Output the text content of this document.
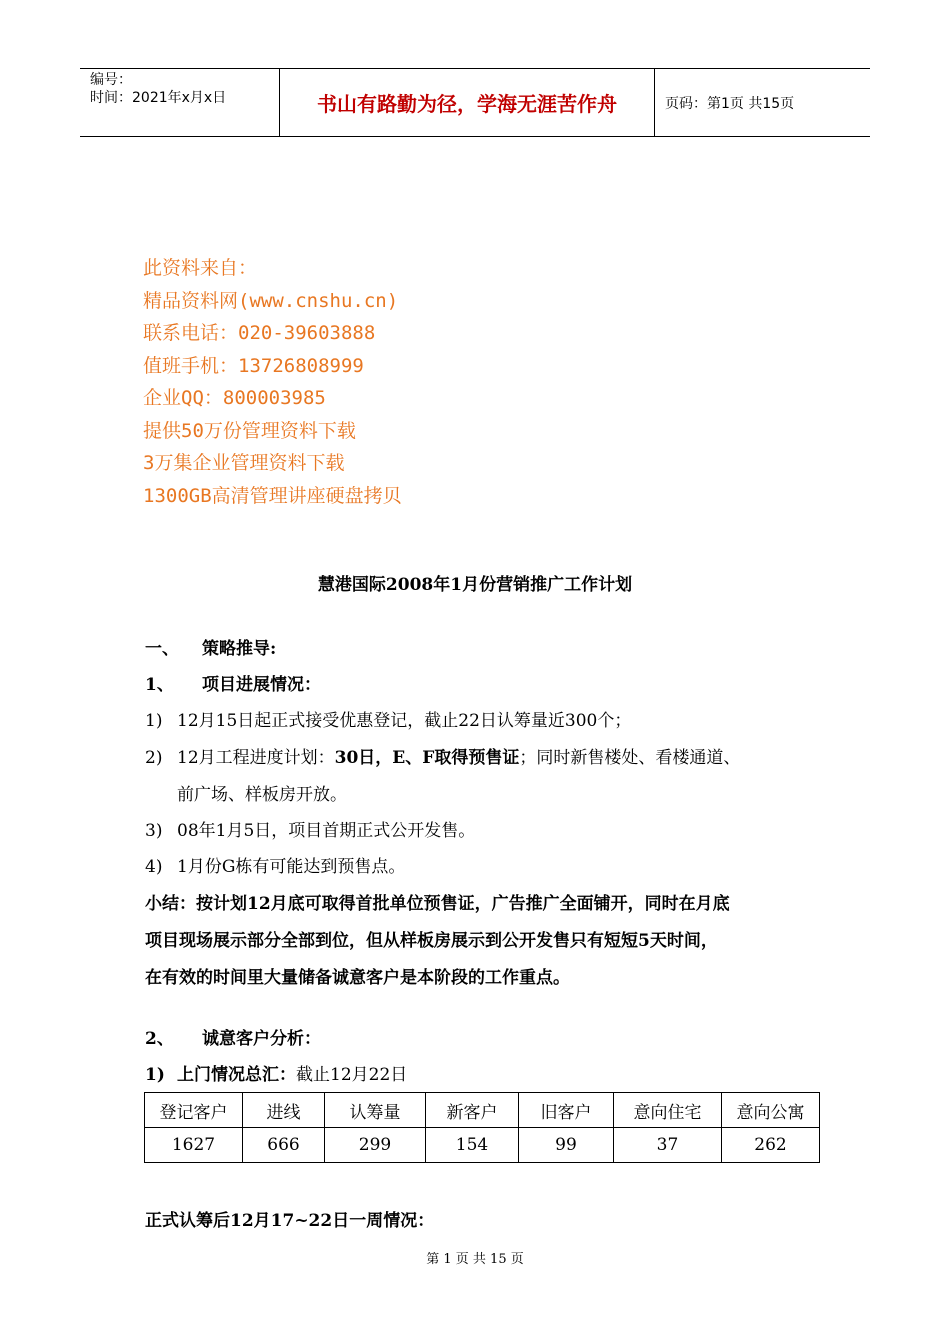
编号：
时间：2021年x月x日	书山有路勤为径，学海无涯苦作舟	页码：第1页 共15页
此资料来自：
精品资料网(www.cnshu.cn)
联系电话：020-39603888
值班手机：13726808999
企业QQ：800003985
提供50万份管理资料下载
3万集企业管理资料下载
1300GB高清管理讲座硬盘拷贝
慧港国际2008年1月份营销推广工作计划
一、 策略推导:
1、 项目进展情况：
1) 12月15日起正式接受优惠登记，截止22日认筹量近300个；
2) 12月工程进度计划：30日，E、F取得预售证；同时新售楼处、看楼通道、
前广场、样板房开放。
3) 08年1月5日，项目首期正式公开发售。
4) 1月份G栋有可能达到预售点。
小结：按计划12月底可取得首批单位预售证，广告推广全面铺开，同时在月底
项目现场展示部分全部到位，但从样板房展示到公开发售只有短短5天时间，
在有效的时间里大量储备诚意客户是本阶段的工作重点。
2、 诚意客户分析：
1) 上门情况总汇：截止12月22日
登记客户	进线	认筹量	新客户	旧客户	意向住宅	意向公寓
1627	666	299	154	99	37	262
正式认筹后12月17~22日一周情况：
第 1 页 共 15 页
